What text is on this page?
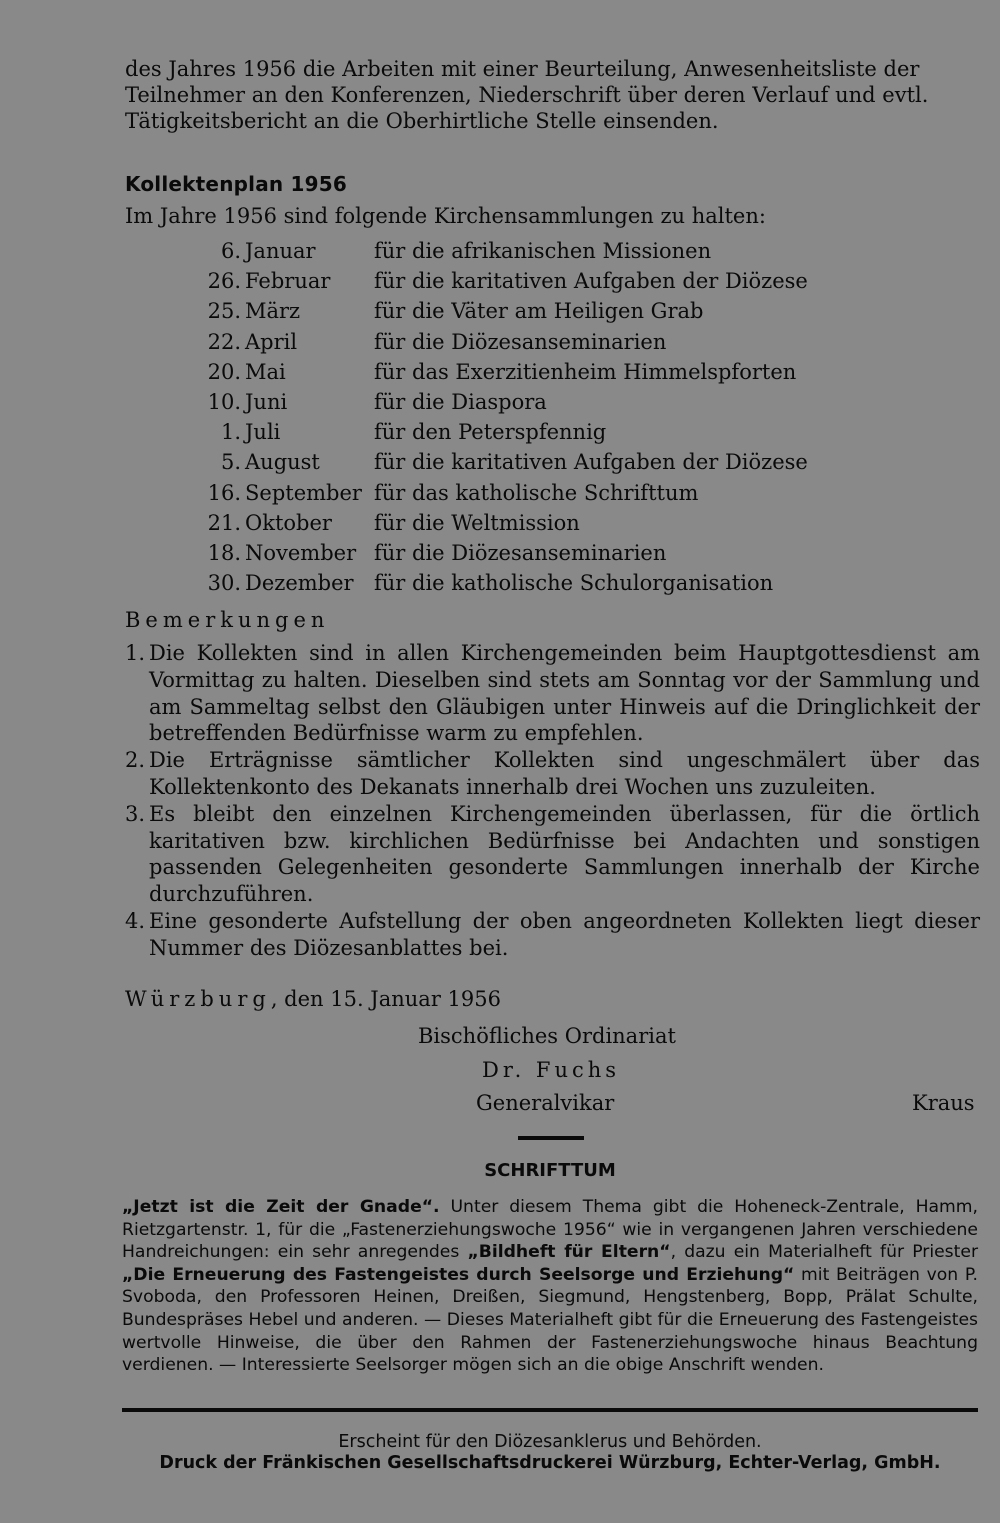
des Jahres 1956 die Arbeiten mit einer Beurteilung, Anwesenheitsliste der

Teilnehmer an den Konferenzen, Niederschrift über deren Verlauf und evtl.

Tätigkeitsbericht an die Oberhirtliche Stelle einsenden.

Kollektenplan 1956
Im Jahre 1956 sind folgende Kirchensammlungen zu halten:
6. Januar	für die afrikanischen Missionen
26. Februar	für die karitativen Aufgaben der Diözese
25. März	für die Väter am Heiligen Grab
22. April	für die Diözesanseminarien
20. Mai	für das Exerzitienheim Himmelspforten
10. Juni	für die Diaspora
1. Juli	für den Peterspfennig
5. August	für die karitativen Aufgaben der Diözese
16. September für das katholische Schrifttum
21. Oktober	für die Weltmission
18. November für die Diözesanseminarien
30. Dezember für die katholische Schulorganisation
Bemerkungen
1. Die Kollekten sind in allen Kirchengemeinden beim Hauptgottesdienst am Vormittag zu halten. Dieselben sind stets am Sonntag vor der Sammlung und am Sammeltag selbst den Gläubigen unter Hinweis auf die Dringlichkeit der betreffenden Bedürfnisse warm zu empfehlen.
2. Die Erträgnisse sämtlicher Kollekten sind ungeschmälert über das Kollektenkonto des Dekanats innerhalb drei Wochen uns zuzuleiten.
3. Es bleibt den einzelnen Kirchengemeinden überlassen, für die örtlich karitativen bzw. kirchlichen Bedürfnisse bei Andachten und sonstigen passenden Gelegenheiten gesonderte Sammlungen innerhalb der Kirche durchzuführen.
4. Eine gesonderte Aufstellung der oben angeordneten Kollekten liegt dieser Nummer des Diözesanblattes bei.
Würzburg, den 15. Januar 1956
Bischöfliches Ordinariat
Dr. Fuchs
Generalvikar	Kraus
SCHRIFTTUM
„Jetzt ist die Zeit der Gnade“. Unter diesem Thema gibt die Hoheneck-Zentrale, Hamm, Rietzgartenstr. 1, für die „Fastenerziehungswoche 1956“ wie in vergangenen Jahren verschiedene Handreichungen: ein sehr anregendes „Bildheft für Eltern“, dazu ein Materialheft für Priester „Die Erneuerung des Fastengeistes durch Seelsorge und Erziehung“ mit Beiträgen von P. Svoboda, den Professoren Heinen, Dreißen, Siegmund, Hengstenberg, Bopp, Prälat Schulte, Bundespräses Hebel und anderen. — Dieses Materialheft gibt für die Erneuerung des Fastengeistes wertvolle Hinweise, die über den Rahmen der Fastenerziehungswoche hinaus Beachtung verdienen. — Interessierte Seelsorger mögen sich an die obige Anschrift wenden.
Erscheint für den Diözesanklerus und Behörden.
Druck der Fränkischen Gesellschaftsdruckerei Würzburg, Echter-Verlag, GmbH.
